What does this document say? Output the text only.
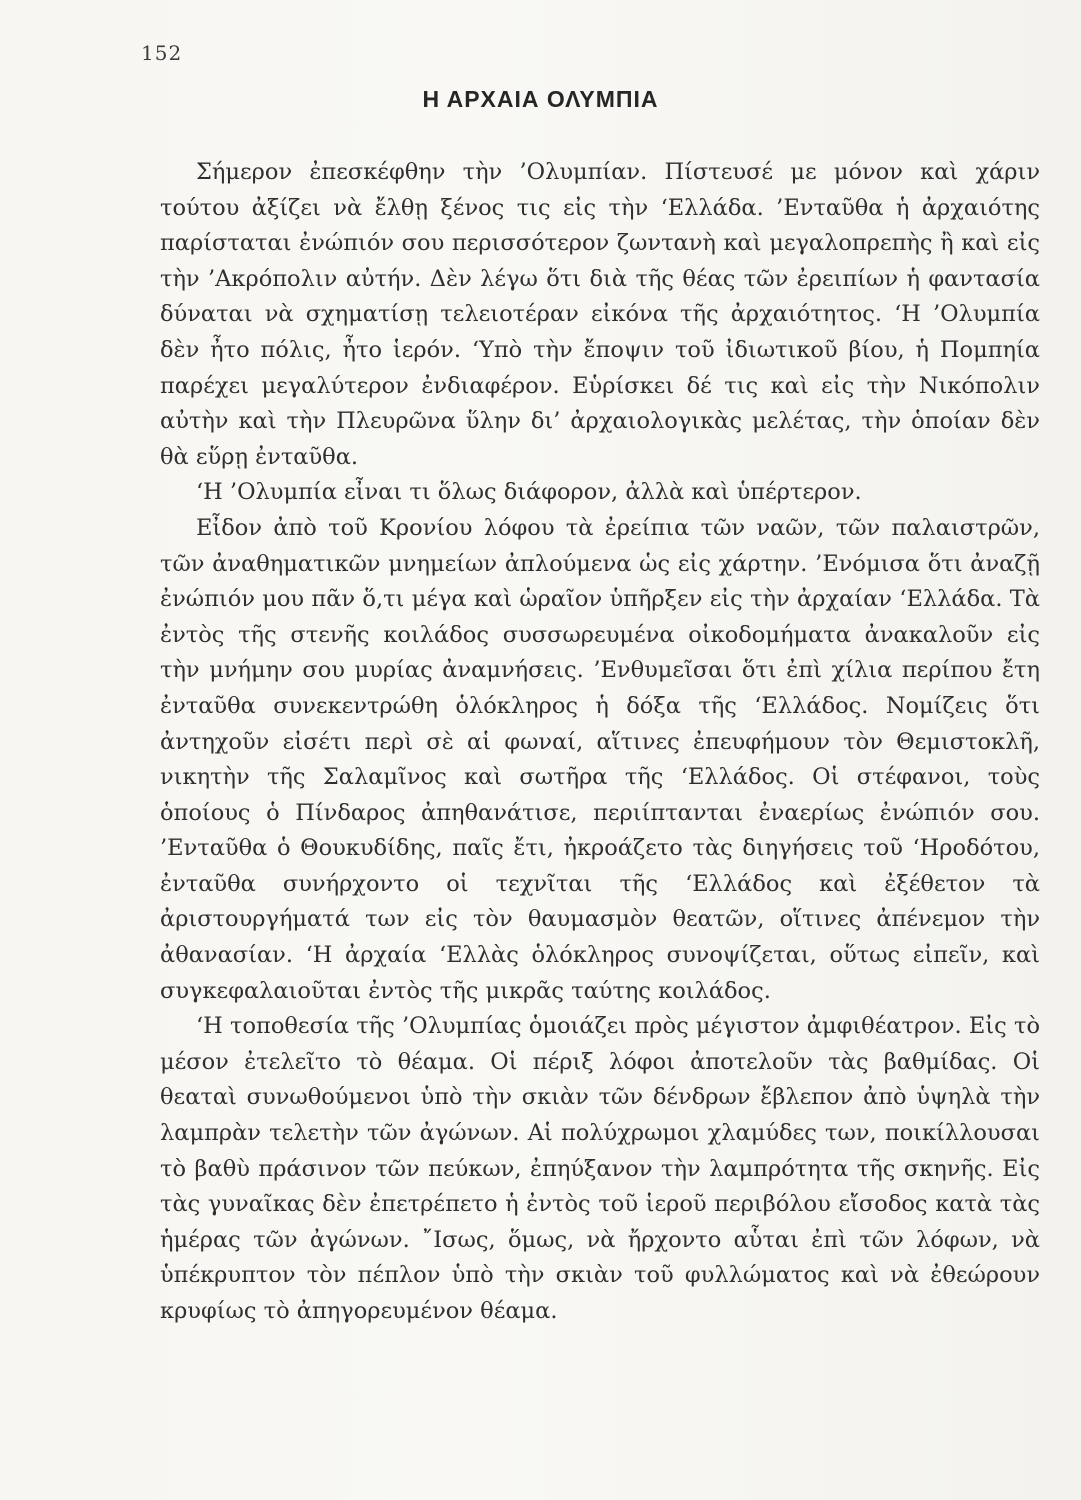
152
Η ΑΡΧΑΙΑ ΟΛΥΜΠΙΑ

Σήμερον ἐπεσκέφθην τὴν ’Ολυμπίαν. Πίστευσέ με μόνον καὶ χάριν τούτου ἀξίζει νὰ ἔλθῃ ξένος τις εἰς τὴν ‘Ελλάδα. ’Ενταῦθα ἡ ἀρχαιότης παρίσταται ἐνώπιόν σου περισσότερον ζωντανὴ καὶ μεγαλοπρεπὴς ἢ καὶ εἰς τὴν ’Ακρόπολιν αὐτήν. Δὲν λέγω ὅτι διὰ τῆς θέας τῶν ἐρειπίων ἡ φαντασία δύναται νὰ σχηματίσῃ τελειοτέραν εἰκόνα τῆς ἀρχαιότητος. ‘Η ’Ολυμπία δὲν ἦτο πόλις, ἦτο ἱερόν. ‘Υπὸ τὴν ἔποψιν τοῦ ἰδιωτικοῦ βίου, ἡ Πομπηία παρέχει μεγαλύτερον ἐνδιαφέρον. Εὑρίσκει δέ τις καὶ εἰς τὴν Νικόπολιν αὐτὴν καὶ τὴν Πλευρῶνα ὕλην δι’ ἀρχαιολογικὰς μελέτας, τὴν ὁποίαν δὲν θὰ εὕρῃ ἐνταῦθα.

‘Η ’Ολυμπία εἶναι τι ὅλως διάφορον, ἀλλὰ καὶ ὑπέρτερον.

Εἶδον ἀπὸ τοῦ Κρονίου λόφου τὰ ἐρείπια τῶν ναῶν, τῶν παλαιστρῶν, τῶν ἀναθηματικῶν μνημείων ἀπλούμενα ὡς εἰς χάρτην. ’Ενόμισα ὅτι ἀναζῇ ἐνώπιόν μου πᾶν ὅ,τι μέγα καὶ ὡραῖον ὑπῆρξεν εἰς τὴν ἀρχαίαν ‘Ελλάδα. Τὰ ἐντὸς τῆς στενῆς κοιλάδος συσσωρευμένα οἰκοδομήματα ἀνακαλοῦν εἰς τὴν μνήμην σου μυρίας ἀναμνήσεις. ’Ενθυμεῖσαι ὅτι ἐπὶ χίλια περίπου ἔτη ἐνταῦθα συνεκεντρώθη ὁλόκληρος ἡ δόξα τῆς ‘Ελλάδος. Νομίζεις ὅτι ἀντηχοῦν εἰσέτι περὶ σὲ αἱ φωναί, αἵτινες ἐπευφήμουν τὸν Θεμιστοκλῆ, νικητὴν τῆς Σαλαμῖνος καὶ σωτῆρα τῆς ‘Ελλάδος. Οἱ στέφανοι, τοὺς ὁποίους ὁ Πίνδαρος ἀπηθανάτισε, περιίπτανται ἐναερίως ἐνώπιόν σου. ’Ενταῦθα ὁ Θουκυδίδης, παῖς ἔτι, ἠκροάζετο τὰς διηγήσεις τοῦ ‘Ηροδότου, ἐνταῦθα συνήρχοντο οἱ τεχνῖται τῆς ‘Ελλάδος καὶ ἐξέθετον τὰ ἀριστουργήματά των εἰς τὸν θαυμασμὸν θεατῶν, οἵτινες ἀπένεμον τὴν ἀθανασίαν. ‘Η ἀρχαία ‘Ελλὰς ὁλόκληρος συνοψίζεται, οὕτως εἰπεῖν, καὶ συγκεφαλαιοῦται ἐντὸς τῆς μικρᾶς ταύτης κοιλάδος.

‘Η τοποθεσία τῆς ’Ολυμπίας ὁμοιάζει πρὸς μέγιστον ἀμφιθέατρον. Εἰς τὸ μέσον ἐτελεῖτο τὸ θέαμα. Οἱ πέριξ λόφοι ἀποτελοῦν τὰς βαθμίδας. Οἱ θεαταὶ συνωθούμενοι ὑπὸ τὴν σκιὰν τῶν δένδρων ἔβλεπον ἀπὸ ὑψηλὰ τὴν λαμπρὰν τελετὴν τῶν ἀγώνων. Αἱ πολύχρωμοι χλαμύδες των, ποικίλλουσαι τὸ βαθὺ πράσινον τῶν πεύκων, ἐπηύξανον τὴν λαμπρότητα τῆς σκηνῆς. Εἰς τὰς γυναῖκας δὲν ἐπετρέπετο ἡ ἐντὸς τοῦ ἱεροῦ περιβόλου εἴσοδος κατὰ τὰς ἡμέρας τῶν ἀγώνων. ῎Ισως, ὅμως, νὰ ἤρχοντο αὗται ἐπὶ τῶν λόφων, νὰ ὑπέκρυπτον τὸν πέπλον ὑπὸ τὴν σκιὰν τοῦ φυλλώματος καὶ νὰ ἐθεώρουν κρυφίως τὸ ἀπηγορευμένον θέαμα.
